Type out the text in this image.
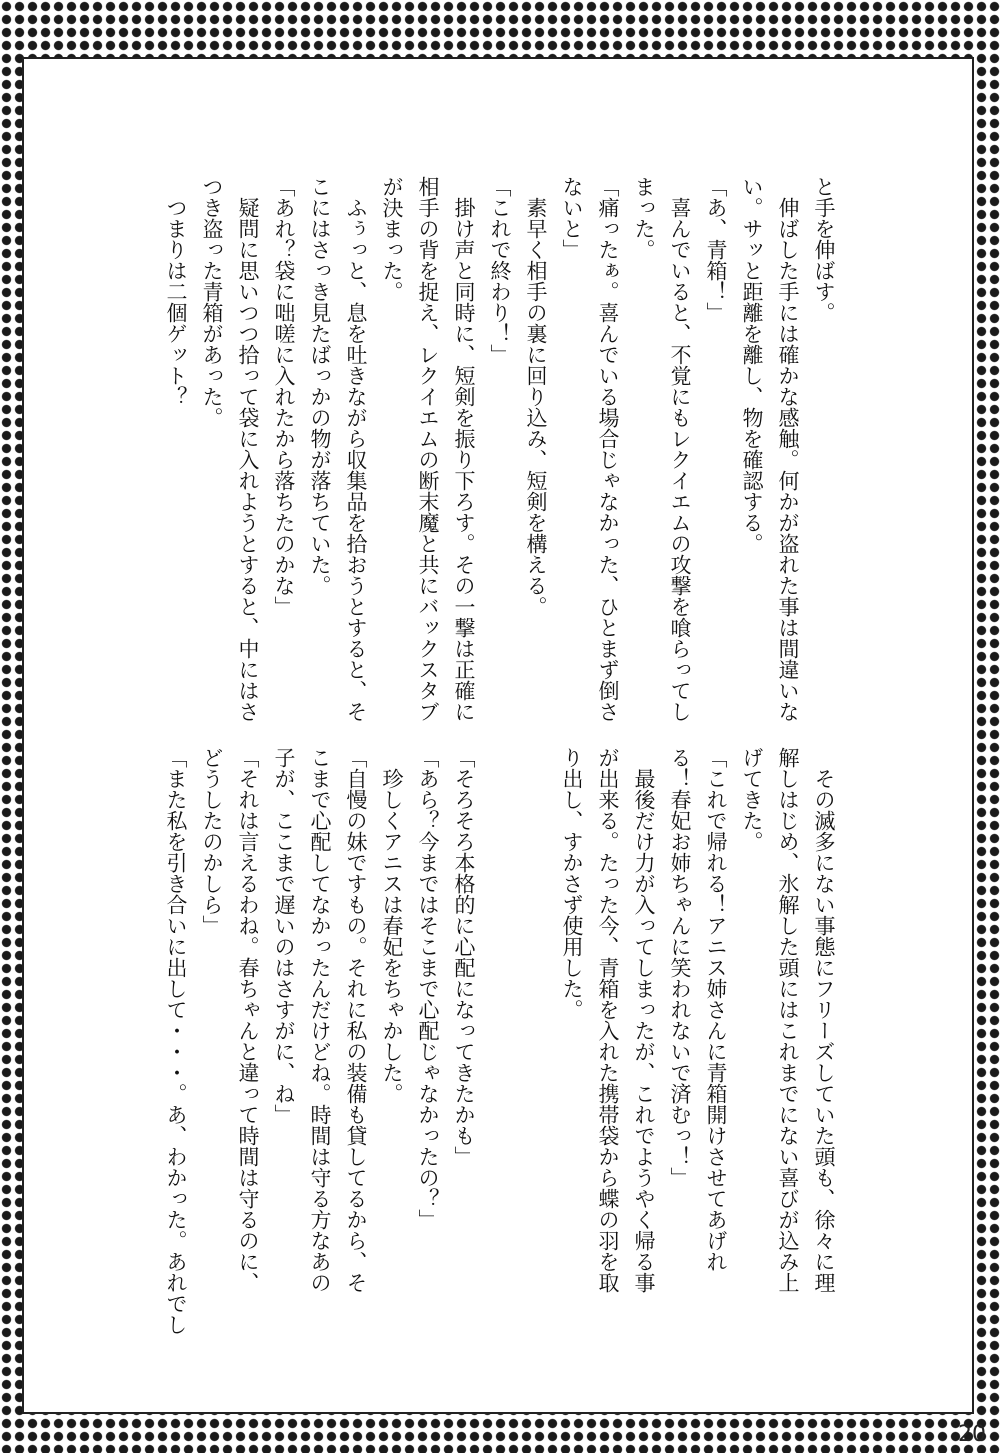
と手を伸ばす。

　伸ばした手には確かな感触。何かが盗れた事は間違いな

い。サッと距離を離し、物を確認する。

「あ、青箱！」

　喜んでいると、不覚にもレクイエムの攻撃を喰らってし

まった。

「痛ったぁ。喜んでいる場合じゃなかった、ひとまず倒さ

ないと」

　素早く相手の裏に回り込み、短剣を構える。

「これで終わり！」

　掛け声と同時に、短剣を振り下ろす。その一撃は正確に

相手の背を捉え、レクイエムの断末魔と共にバックスタブ

が決まった。

　ふぅっと、息を吐きながら収集品を拾おうとすると、そ

こにはさっき見たばっかの物が落ちていた。

「あれ？袋に咄嗟に入れたから落ちたのかな」

　疑問に思いつつ拾って袋に入れようとすると、中にはさ

つき盗った青箱があった。

　つまりは二個ゲット？

　その滅多にない事態にフリーズしていた頭も、徐々に理

解しはじめ、氷解した頭にはこれまでにない喜びが込み上

げてきた。

「これで帰れる！アニス姉さんに青箱開けさせてあげれ

る！春妃お姉ちゃんに笑われないで済むっ！」

　最後だけ力が入ってしまったが、これでようやく帰る事

が出来る。たった今、青箱を入れた携帯袋から蝶の羽を取

り出し、すかさず使用した。

「そろそろ本格的に心配になってきたかも」

「あら？今まではそこまで心配じゃなかったの？」

　珍しくアニスは春妃をちゃかした。

「自慢の妹ですもの。それに私の装備も貸してるから、そ

こまで心配してなかったんだけどね。時間は守る方なあの

子が、ここまで遅いのはさすがに、ね」

「それは言えるわね。春ちゃんと違って時間は守るのに、

どうしたのかしら」

「また私を引き合いに出して・・・。あ、わかった。あれでし

20
